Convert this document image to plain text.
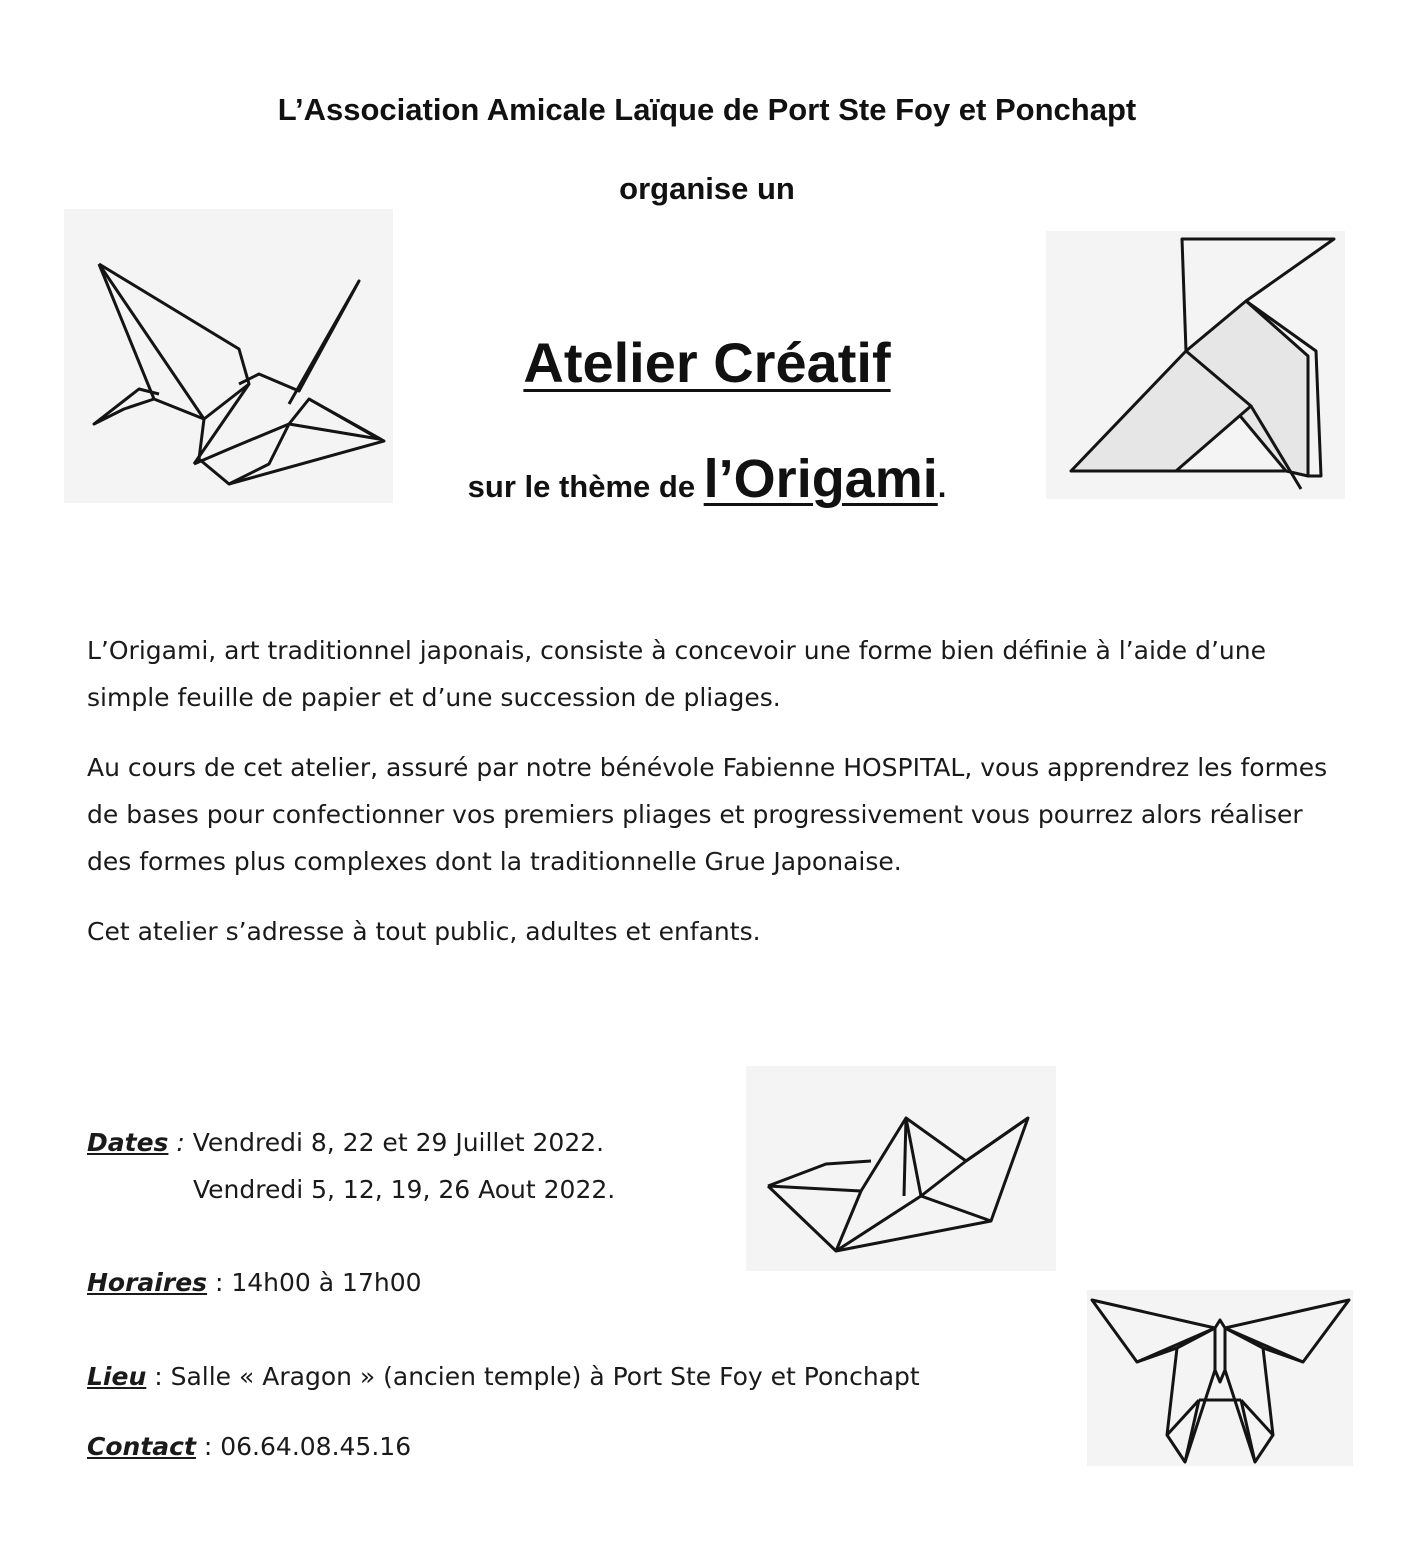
L’Association Amicale Laïque de Port Ste Foy et Ponchapt
organise un
Atelier Créatif
sur le thème de l’Origami.

L’Origami, art traditionnel japonais, consiste à concevoir une forme bien définie à l’aide d’une simple feuille de papier et d’une succession de pliages.

Au cours de cet atelier, assuré par notre bénévole Fabienne HOSPITAL, vous apprendrez les formes de bases pour confectionner vos premiers pliages et progressivement vous pourrez alors réaliser des formes plus complexes dont la traditionnelle Grue Japonaise.

Cet atelier s’adresse à tout public, adultes et enfants.

Dates : Vendredi 8, 22 et 29 Juillet 2022.
Vendredi 5, 12, 19, 26 Aout 2022.
Horaires : 14h00 à 17h00
Lieu : Salle « Aragon » (ancien temple) à Port Ste Foy et Ponchapt
Contact : 06.64.08.45.16
